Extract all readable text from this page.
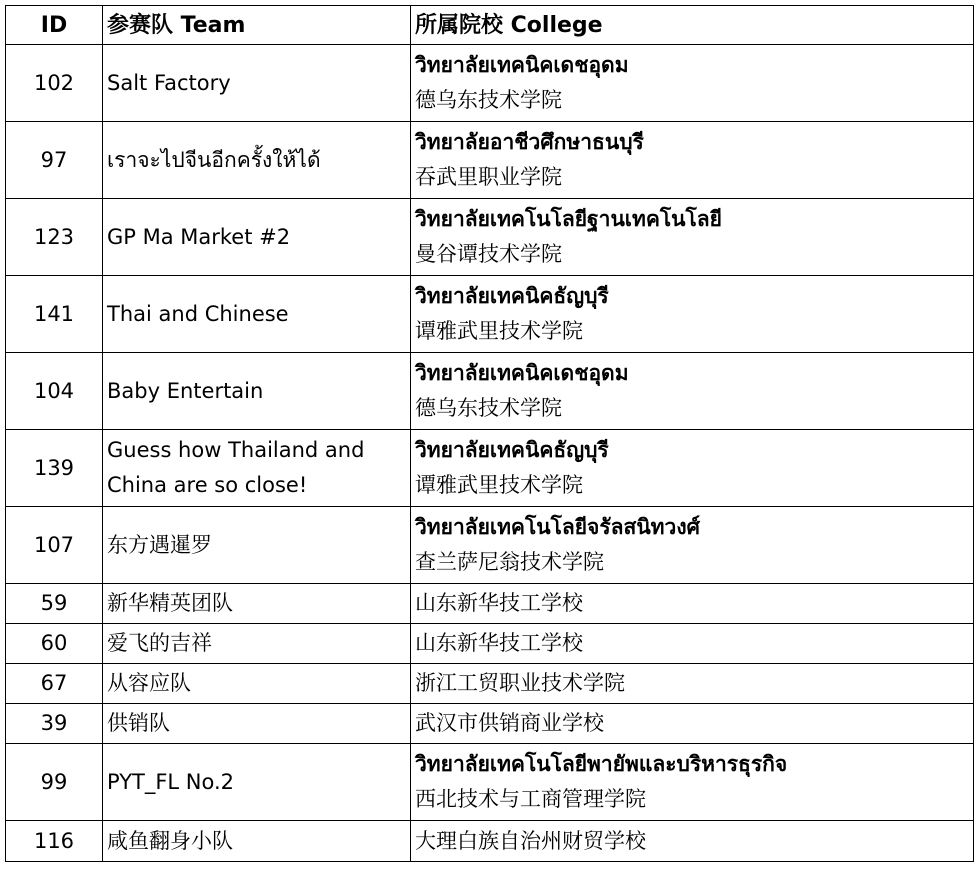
ID	参赛队 Team	所属院校 College
102	Salt Factory	วิทยาลัยเทคนิคเดชอุดม
德乌东技术学院

97	เราจะไปจีนอีกครั้งให้ได้	วิทยาลัยอาชีวศึกษาธนบุรี
吞武里职业学院

123	GP Ma Market #2	วิทยาลัยเทคโนโลยีฐานเทคโนโลยี
曼谷谭技术学院

141	Thai and Chinese	วิทยาลัยเทคนิคธัญบุรี
谭雅武里技术学院

104	Baby Entertain	วิทยาลัยเทคนิคเดชอุดม
德乌东技术学院

139	Guess how Thailand and China are so close!	วิทยาลัยเทคนิคธัญบุรี
谭雅武里技术学院

107	东方遇暹罗	วิทยาลัยเทคโนโลยีจรัลสนิทวงศ์
查兰萨尼翁技术学院

59	新华精英团队	山东新华技工学校
60	爱飞的吉祥	山东新华技工学校
67	从容应队	浙江工贸职业技术学院
39	供销队	武汉市供销商业学校
99	PYT_FL No.2	วิทยาลัยเทคโนโลยีพายัพและบริหารธุรกิจ
西北技术与工商管理学院

116	咸鱼翻身小队	大理白族自治州财贸学校
